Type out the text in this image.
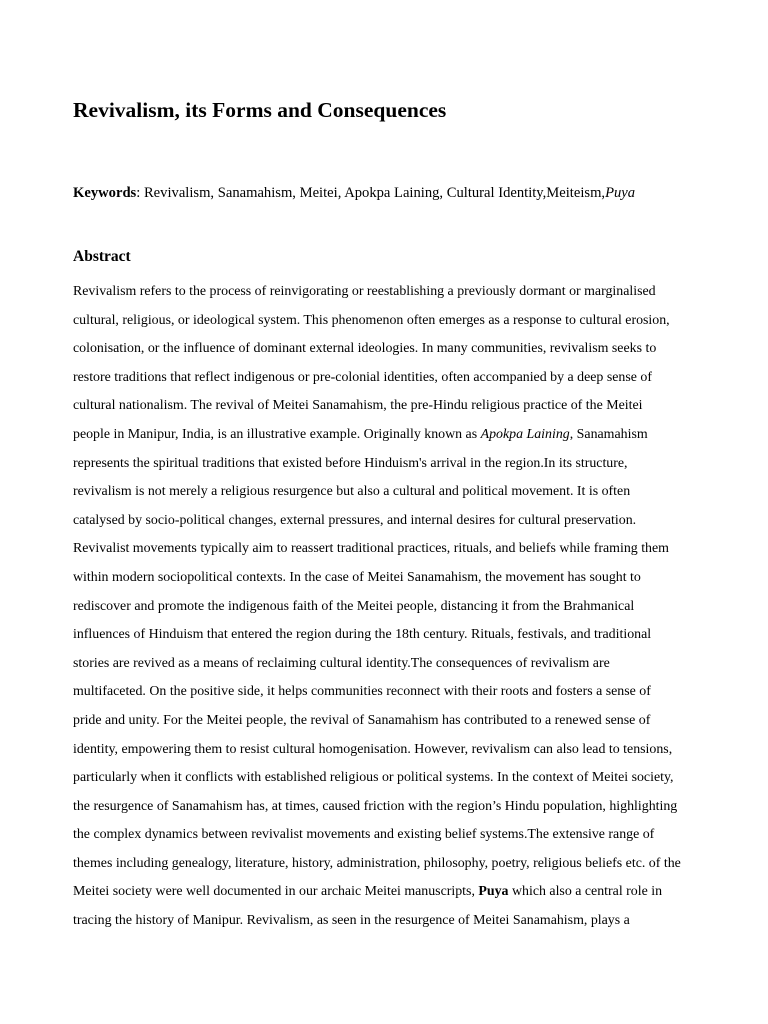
Revivalism, its Forms and Consequences

Keywords: Revivalism, Sanamahism, Meitei, Apokpa Laining, Cultural Identity,Meiteism,Puya

Abstract
Revivalism refers to the process of reinvigorating or reestablishing a previously dormant or marginalised
cultural, religious, or ideological system. This phenomenon often emerges as a response to cultural erosion,
colonisation, or the influence of dominant external ideologies. In many communities, revivalism seeks to
restore traditions that reflect indigenous or pre-colonial identities, often accompanied by a deep sense of
cultural nationalism. The revival of Meitei Sanamahism, the pre-Hindu religious practice of the Meitei
people in Manipur, India, is an illustrative example. Originally known as Apokpa Laining, Sanamahism
represents the spiritual traditions that existed before Hinduism's arrival in the region.In its structure,
revivalism is not merely a religious resurgence but also a cultural and political movement. It is often
catalysed by socio-political changes, external pressures, and internal desires for cultural preservation.
Revivalist movements typically aim to reassert traditional practices, rituals, and beliefs while framing them
within modern sociopolitical contexts. In the case of Meitei Sanamahism, the movement has sought to
rediscover and promote the indigenous faith of the Meitei people, distancing it from the Brahmanical
influences of Hinduism that entered the region during the 18th century. Rituals, festivals, and traditional
stories are revived as a means of reclaiming cultural identity.The consequences of revivalism are
multifaceted. On the positive side, it helps communities reconnect with their roots and fosters a sense of
pride and unity. For the Meitei people, the revival of Sanamahism has contributed to a renewed sense of
identity, empowering them to resist cultural homogenisation. However, revivalism can also lead to tensions,
particularly when it conflicts with established religious or political systems. In the context of Meitei society,
the resurgence of Sanamahism has, at times, caused friction with the region’s Hindu population, highlighting
the complex dynamics between revivalist movements and existing belief systems.The extensive range of
themes including genealogy, literature, history, administration, philosophy, poetry, religious beliefs etc. of the
Meitei society were well documented in our archaic Meitei manuscripts, Puya which also a central role in
tracing the history of Manipur. Revivalism, as seen in the resurgence of Meitei Sanamahism, plays a
